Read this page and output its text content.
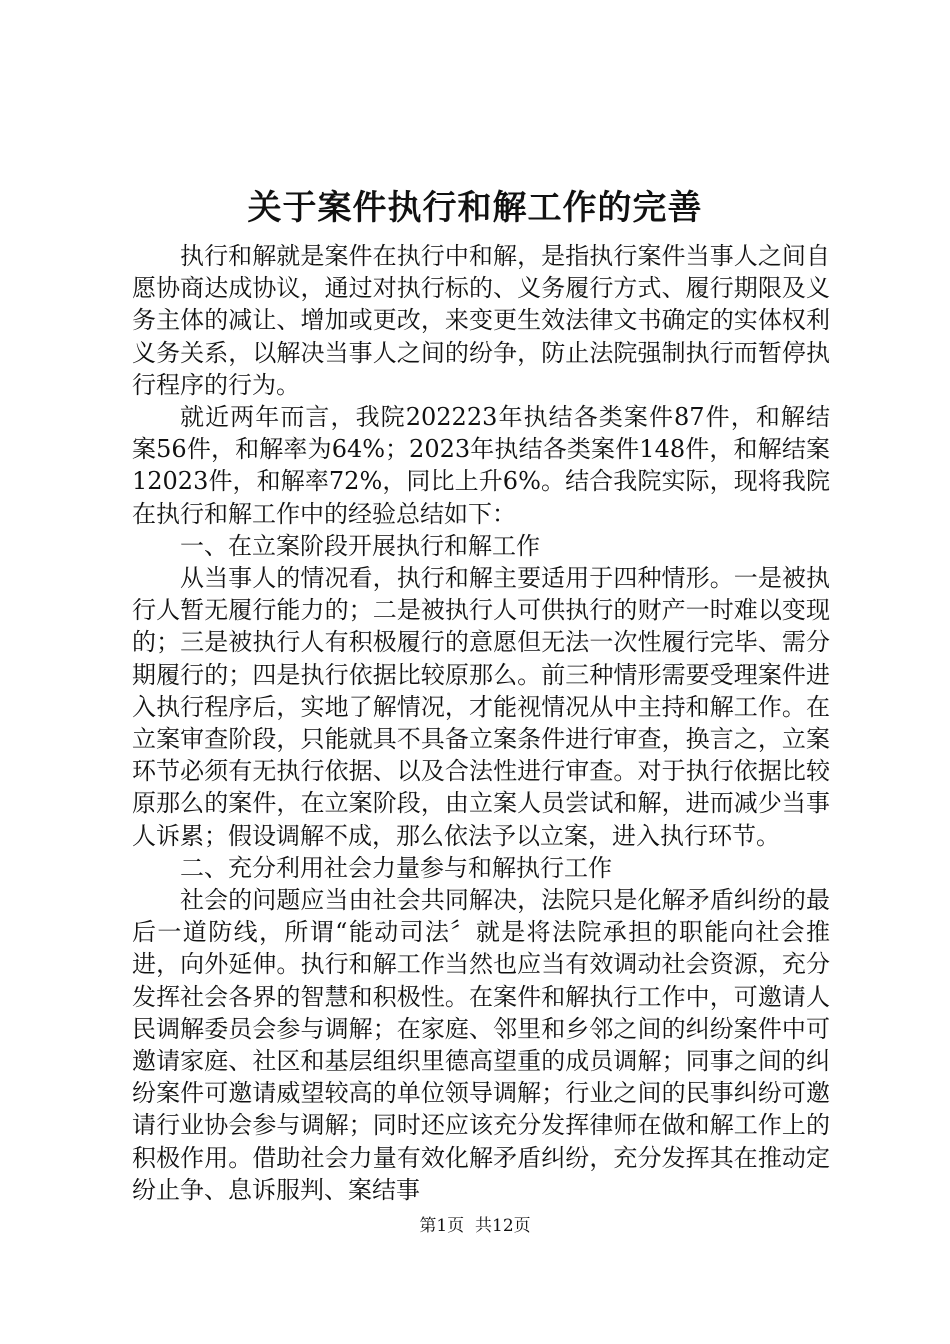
关于案件执行和解工作的完善

执行和解就是案件在执行中和解，是指执行案件当事人之间自愿协商达成协议，通过对执行标的、义务履行方式、履行期限及义务主体的减让、增加或更改，来变更生效法律文书确定的实体权利义务关系，以解决当事人之间的纷争，防止法院强制执行而暂停执行程序的行为。

就近两年而言，我院202223年执结各类案件87件，和解结案56件，和解率为64%；2023年执结各类案件148件，和解结案12023件，和解率72%，同比上升6%。结合我院实际，现将我院在执行和解工作中的经验总结如下：

一、在立案阶段开展执行和解工作

从当事人的情况看，执行和解主要适用于四种情形。一是被执行人暂无履行能力的；二是被执行人可供执行的财产一时难以变现的；三是被执行人有积极履行的意愿但无法一次性履行完毕、需分期履行的；四是执行依据比较原那么。前三种情形需要受理案件进入执行程序后，实地了解情况，才能视情况从中主持和解工作。在立案审查阶段，只能就具不具备立案条件进行审查，换言之，立案环节必须有无执行依据、以及合法性进行审查。对于执行依据比较原那么的案件，在立案阶段，由立案人员尝试和解，进而减少当事人诉累；假设调解不成，那么依法予以立案，进入执行环节。

二、充分利用社会力量参与和解执行工作

社会的问题应当由社会共同解决，法院只是化解矛盾纠纷的最后一道防线，所谓“能动司法〞就是将法院承担的职能向社会推进，向外延伸。执行和解工作当然也应当有效调动社会资源，充分发挥社会各界的智慧和积极性。在案件和解执行工作中，可邀请人民调解委员会参与调解；在家庭、邻里和乡邻之间的纠纷案件中可邀请家庭、社区和基层组织里德高望重的成员调解；同事之间的纠纷案件可邀请威望较高的单位领导调解；行业之间的民事纠纷可邀请行业协会参与调解；同时还应该充分发挥律师在做和解工作上的积极作用。借助社会力量有效化解矛盾纠纷，充分发挥其在推动定纷止争、息诉服判、案结事

第1页 共12页
